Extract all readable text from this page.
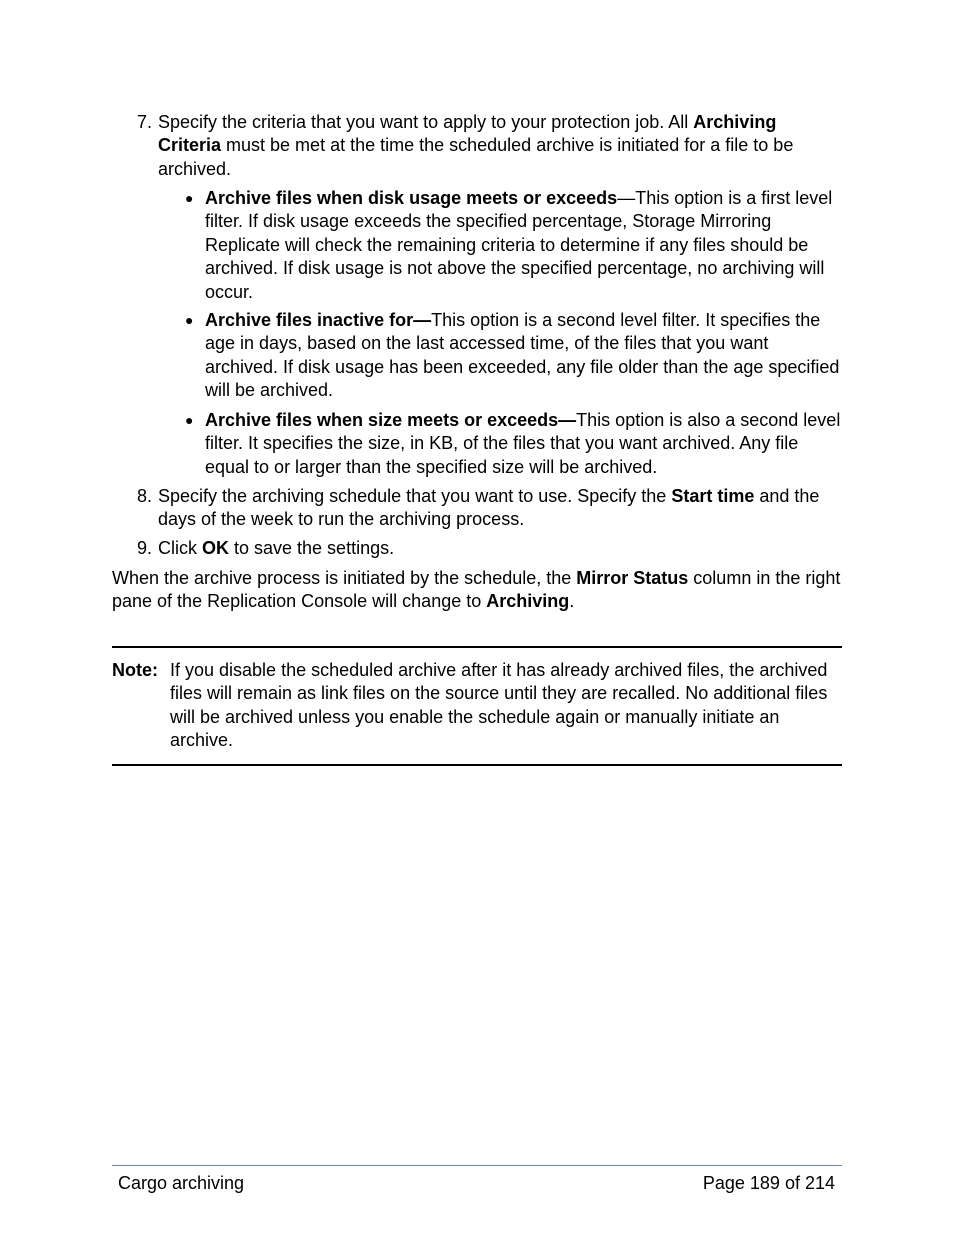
7. Specify the criteria that you want to apply to your protection job. All Archiving Criteria must be met at the time the scheduled archive is initiated for a file to be archived.
● Archive files when disk usage meets or exceeds—This option is a first level filter. If disk usage exceeds the specified percentage, Storage Mirroring Replicate will check the remaining criteria to determine if any files should be archived. If disk usage is not above the specified percentage, no archiving will occur.
● Archive files inactive for—This option is a second level filter. It specifies the age in days, based on the last accessed time, of the files that you want archived. If disk usage has been exceeded, any file older than the age specified will be archived.
● Archive files when size meets or exceeds—This option is also a second level filter. It specifies the size, in KB, of the files that you want archived. Any file equal to or larger than the specified size will be archived.
8. Specify the archiving schedule that you want to use. Specify the Start time and the days of the week to run the archiving process.
9. Click OK to save the settings.
When the archive process is initiated by the schedule, the Mirror Status column in the right pane of the Replication Console will change to Archiving.
Note: If you disable the scheduled archive after it has already archived files, the archived files will remain as link files on the source until they are recalled. No additional files will be archived unless you enable the schedule again or manually initiate an archive.
Cargo archiving	Page 189 of 214
